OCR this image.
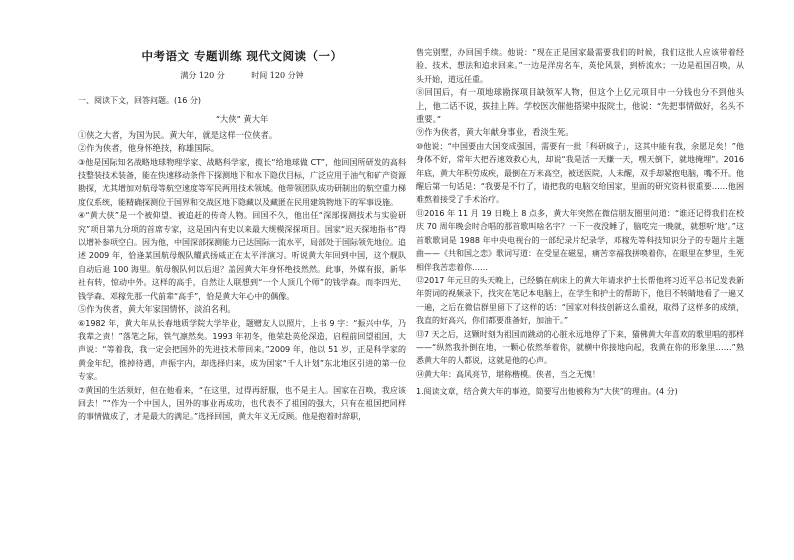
中考语文 专题训练 现代文阅读（一）
满分 120 分	时间 120 分钟

一、阅读下文，回答问题。(16 分)

“大侠” 黄大年

①侠之大者，为国为民。黄大年，就是这样一位侠者。

②作为侠者，他身怀绝技，称雄国际。

③他是国际知名战略地球物理学家、战略科学家，揽长“给地球做 CT”，他回国所研发的高科技整装技术装备，能在快速移动条件下探测地下和水下隐伏目标，广泛应用于油气和矿产资源勘探，尤其增加对航母等航空速度等军民两用技术领域。他带领团队成功研制出的航空重力梯度仪系统，能精确探测位于国界和交战区地下隐藏以及藏匿在民用建筑物地下的军事设施。

④“黄大侠”是一个被仰望、被追赶的传奇人物。回国不久，他出任“深部探测技术与实验研究”项目第九分项的首席专家，这是国内有史以来最大规模深探项目。国家“迟天探地指书”得以增补参项空白。因为他，中国深部探测能力已达国际一流水平，局部处于国际领先地位。追述 2009 年，恰逢某国航母舰队耀武扬威正在太平洋演习。听说黄大年回到中国，这个舰队自动后退 100 海里。航母舰队何以后退？盖因黄大年身怀绝技然然。此事，外媒有报，新华社有转，惊动中外。这样的高手，自然让人联想到“一个人顶几个师”的钱学森。而李四光、钱学森、邓稼先那一代前辈“高手”，恰是黄大年心中的偶像。

⑤作为侠者，黄大年家国情怀，淡泊名利。

⑥1982 年，黄大年从长春地质学院大学毕业，题赠友人以照片，上书 9 字：“振兴中华，乃我辈之责！”落笔之际，铁气凛然矣。1993 年初冬，他荣赴英伦深造，启程前回望祖国，大声说：“等着我，我一定会把国外的先进技术带回来。”2009 年，他以 51 岁，正是科学家的黄金年纪，推掉待遇，声振宇内，却选择归来，成为国家“千人计划”东北地区引进的第一位专家。

⑦黄国的生活须好，但在他看来，“在这里，过得再舒服，也不是主人。国家在召唤，我应该回去！”“作为一个中国人，国外的事业再成功，也代表不了祖国的强大，只有在祖国把同样的事情做成了，才是最大的满足。”选择回国，黄大年义无反顾。他是抱着时辞职，

售完别墅，办回国手续。他说：“现在正是国家最需要我们的时候，我们这批人应该带着经验、技术、想法和追求回来。”一边是洋房名车，英伦风景，到桥流水；一边是祖国召唤，从头开始，道远任重。

⑧回国后，有一项地球勘探项目缺领军人物，但这个上亿元项目中一分钱也分不到他头上，他二话不说，拔挂上阵。学校医次催他搭梁申报院士，他说：“先把事情做好，名头不重要。”

⑨作为侠者，黄大年献身事业，看淡生死。

⑩他说：“中国要由大国变成强国，需要有一批「科研疯子」，这其中能有我，余愿足矣！”他身体不好，常年大把吞速效救心丸，却说“我是活一天赚一天，嘿天倒下，就地掩埋”。2016 年底，黄大年积劳成疾，最倒在万米高空，被送医院，人未醒，双手却紧抱电脑，嘴不开。他醒后第一句话是：“我要是不行了，请把我的电脑交给国家，里面的研究资料很重要……他困难熬着接受了手术治疗。

⑪2016 年 11 月 19 日晚上 8 点多，黄大年突然在微信朋友圈里问道：“谁还记得我们在校庆 70 周年晚会时合唱的那首歌叫啥名字？一下一夜没睡了，脑吃完一晚就，就想听‘地’。”这首歌歌词是 1988 年中央电视台的一部纪录片纪录学，邓稼先等科技知识分子的专题片主题曲——《共和国之恋》歌词写道：在受显在磁星，痛苦幸福我拼唤着你，在眼里在梦里，生死相伴我苦恋着你……

⑫2017 年元旦的头天晚上，已经躺在病床上的黄大年请求护士长帮他将习近平总书记发表新年贺词的视频录下，找灾在笔记本电脑上，在学生和护士的帮助下，他目不转睛地看了一遍又一遍，之后在微信群里留下了这样的话：“国家对科技创新这么重视，取得了这样多的成绩，我直的好高兴，你们都要准备好，加油干。”

⑬7 天之后，这颗时刻为祖国而跳动的心脏永远地停了下来，猫佛黄大年喜欢的歌里唱的那样——“纵然我扑倒在地，一颗心依然举着你，就横中你接地向起，我黄在你的形象里……”熟悉黄大年的人都说，这就是他的心声。

⑭黄大年：高风亮节，堪称楷模。侠者，当之无愧！

1.阅读文章，结合黄大年的事迹，简要写出他被称为“大侠”的理由。(4 分)
